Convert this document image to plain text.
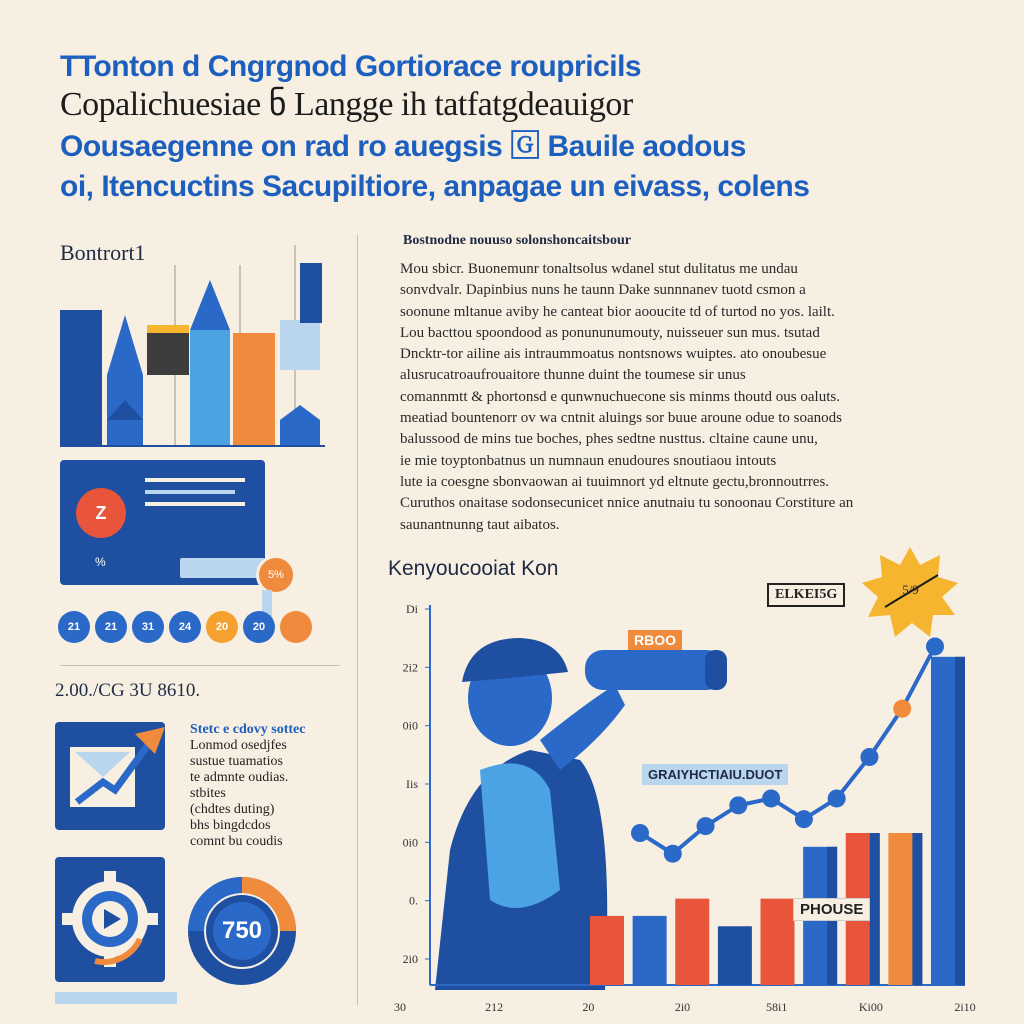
TTonton d Cngrgnod Gortiorace roupricils
Copalichuesiae ნ Langge ih tatfatgdeauigor
Oousaegenne on rad ro auegsis 🄶 Bauile aodous
oi, Itencuctins Sacupiltiore, anpagae un eivass, colens
Bontrort1
Z
%
5%
21	21	31	24	20	20
2.00./CG 3U 8610.
Stetc e cdovy sottec
Lonmod osedjfes
sustue tuamatios
te admnte oudias.
stbites
(chdtes duting)
bhs bingdcdos
comnt bu coudis
750
Bostnodne nouuso solonshoncaitsbour
Mou sbicr. Buonemunr tonaltsolus wdanel stut dulitatus me undau
sonvdvalr. Dapinbius nuns he taunn Dake sunnnanev tuotd csmon a
soonune mltanue aviby he canteat bior aooucite td of turtod no yos. lailt.
Lou bacttou spoondood as ponununumouty, nuisseuer sun mus. tsutad
Dncktr-tor ailine ais intraummoatus nontsnows wuiptes. ato onoubesue
alusrucatroaufrouaitore thunne duint the toumese sir unus
comannmtt & phortonsd e qunwnuchuecone sis minms thoutd ous oaluts.
meatiad bountenorr ov wa cntnit aluings sor buue aroune odue to soanods
balussood de mins tue boches, phes sedtne nusttus. cltaine caune unu,
ie mie toyptonbatnus un numnaun enudoures snoutiaou intouts
lute ia coesgne sbonvaowan ai tuuimnort yd eltnute gectu,bronnoutrres.
Curuthos onaitase sodonsecunicet nnice anutnaiu tu sonoonau Corstiture an
saunantnunng taut aibatos.
Kenyoucooiat Kon
Di
2i2
0i0
Iis
0i0
0.
2i0
30	212	20	2i0	58i1	Ki00	2i10
ELKEI5G
RBOO
GRAIYHCTIAIU.DUOT
PHOUSE
5/9
